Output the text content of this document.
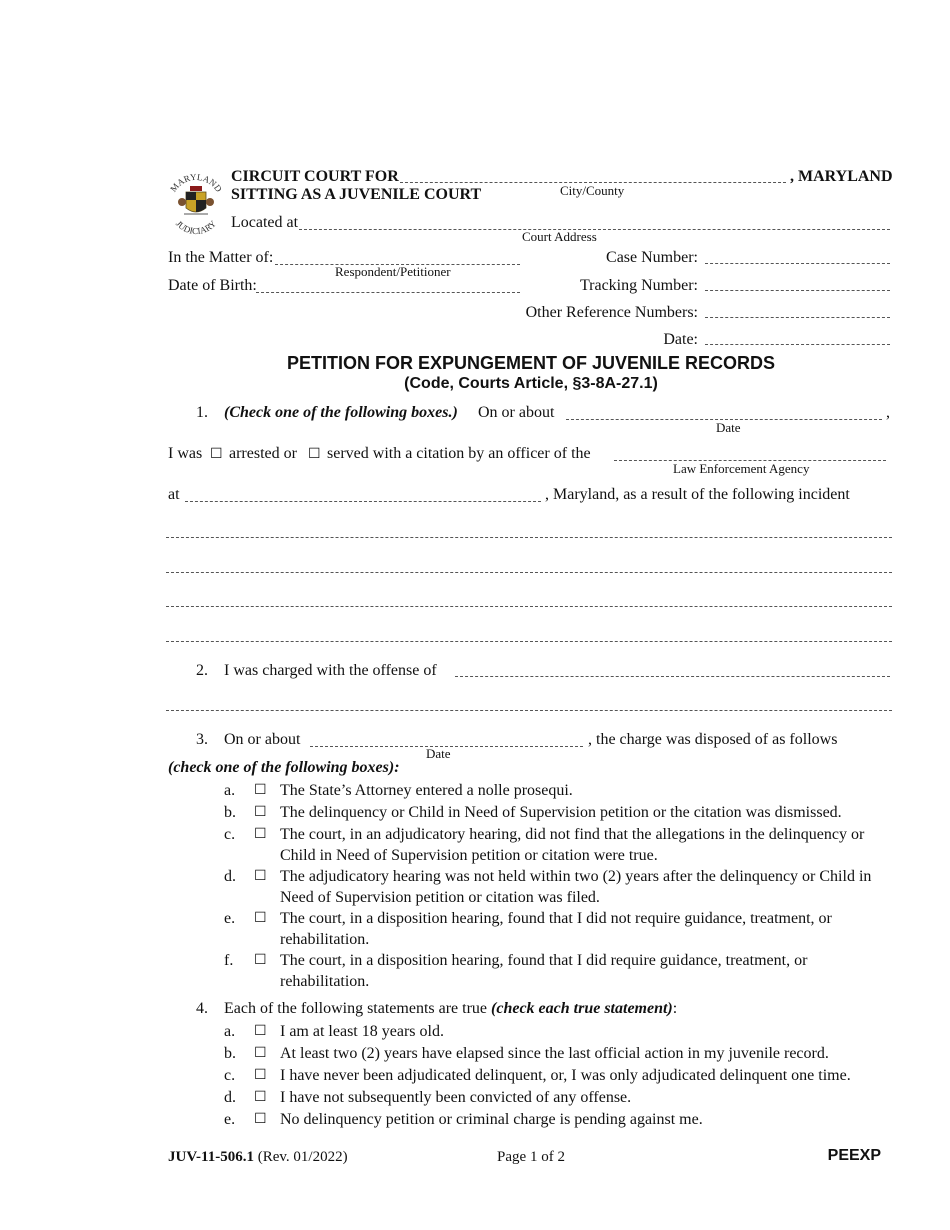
MARYLAND
JUDICIARY
CIRCUIT COURT FOR	, MARYLAND
City/County
SITTING AS A JUVENILE COURT
Located at
Court Address
In the Matter of:
Respondent/Petitioner
Date of Birth:
Case Number:
Tracking Number:
Other Reference Numbers:
Date:
PETITION FOR EXPUNGEMENT OF JUVENILE RECORDS
(Code, Courts Article, §3-8A-27.1)
1. (Check one of the following boxes.) On or about	,
Date
I was ☐ arrested or ☐ served with a citation by an officer of the
Law Enforcement Agency
at	, Maryland, as a result of the following incident
2. I was charged with the offense of
3. On or about
Date
, the charge was disposed of as follows
(check one of the following boxes):
a.	☐ The State’s Attorney entered a nolle prosequi.
b.	☐ The delinquency or Child in Need of Supervision petition or the citation was dismissed.
c.	☐ The court, in an adjudicatory hearing, did not find that the allegations in the delinquency or Child in Need of Supervision petition or citation were true.
d.	☐ The adjudicatory hearing was not held within two (2) years after the delinquency or Child in Need of Supervision petition or citation was filed.
e.	☐ The court, in a disposition hearing, found that I did not require guidance, treatment, or rehabilitation.
f.	☐ The court, in a disposition hearing, found that I did require guidance, treatment, or rehabilitation.
4. Each of the following statements are true (check each true statement):
a.	☐ I am at least 18 years old.
b.	☐ At least two (2) years have elapsed since the last official action in my juvenile record.
c.	☐ I have never been adjudicated delinquent, or, I was only adjudicated delinquent one time.
d.	☐ I have not subsequently been convicted of any offense.
e.	☐ No delinquency petition or criminal charge is pending against me.
JUV-11-506.1 (Rev. 01/2022)	Page 1 of 2	PEEXP
